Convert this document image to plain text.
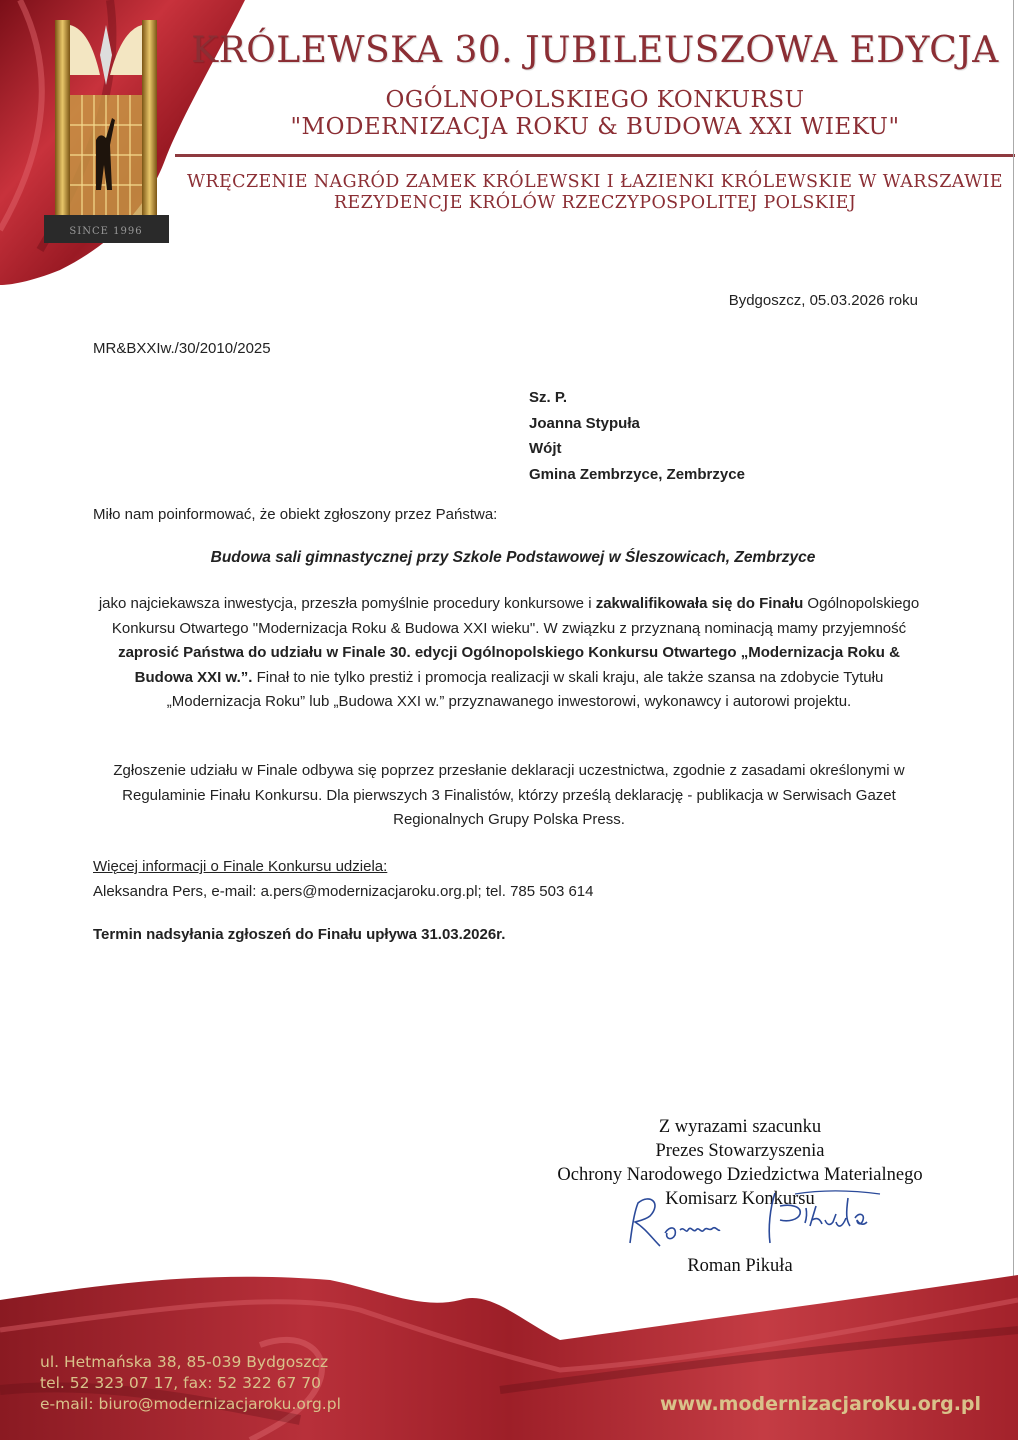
SINCE 1996
KRÓLEWSKA 30. JUBILEUSZOWA EDYCJA
OGÓLNOPOLSKIEGO KONKURSU
"MODERNIZACJA ROKU & BUDOWA XXI WIEKU"
WRĘCZENIE NAGRÓD ZAMEK KRÓLEWSKI I ŁAZIENKI KRÓLEWSKIE W WARSZAWIE
REZYDENCJE KRÓLÓW RZECZYPOSPOLITEJ POLSKIEJ
Bydgoszcz, 05.03.2026 roku
MR&BXXIw./30/2010/2025
Sz. P.
Joanna Stypuła
Wójt
Gmina Zembrzyce, Zembrzyce
Miło nam poinformować, że obiekt zgłoszony przez Państwa:
Budowa sali gimnastycznej przy Szkole Podstawowej w Śleszowicach, Zembrzyce
jako najciekawsza inwestycja, przeszła pomyślnie procedury konkursowe i zakwalifikowała się do Finału Ogólnopolskiego Konkursu Otwartego "Modernizacja Roku & Budowa XXI wieku". W związku z przyznaną nominacją mamy przyjemność zaprosić Państwa do udziału w Finale 30. edycji Ogólnopolskiego Konkursu Otwartego „Modernizacja Roku & Budowa XXI w.”. Finał to nie tylko prestiż i promocja realizacji w skali kraju, ale także szansa na zdobycie Tytułu „Modernizacja Roku” lub „Budowa XXI w.” przyznawanego inwestorowi, wykonawcy i autorowi projektu.
Zgłoszenie udziału w Finale odbywa się poprzez przesłanie deklaracji uczestnictwa, zgodnie z zasadami określonymi w Regulaminie Finału Konkursu. Dla pierwszych 3 Finalistów, którzy prześlą deklarację - publikacja w Serwisach Gazet Regionalnych Grupy Polska Press.
Więcej informacji o Finale Konkursu udziela:
Aleksandra Pers, e-mail: a.pers@modernizacjaroku.org.pl; tel. 785 503 614
Termin nadsyłania zgłoszeń do Finału upływa 31.03.2026r.
Z wyrazami szacunku
Prezes Stowarzyszenia
Ochrony Narodowego Dziedzictwa Materialnego
Komisarz Konkursu
Roman Pikuła
ul. Hetmańska 38, 85-039 Bydgoszcz
tel. 52 323 07 17, fax: 52 322 67 70
e-mail: biuro@modernizacjaroku.org.pl	www.modernizacjaroku.org.pl
